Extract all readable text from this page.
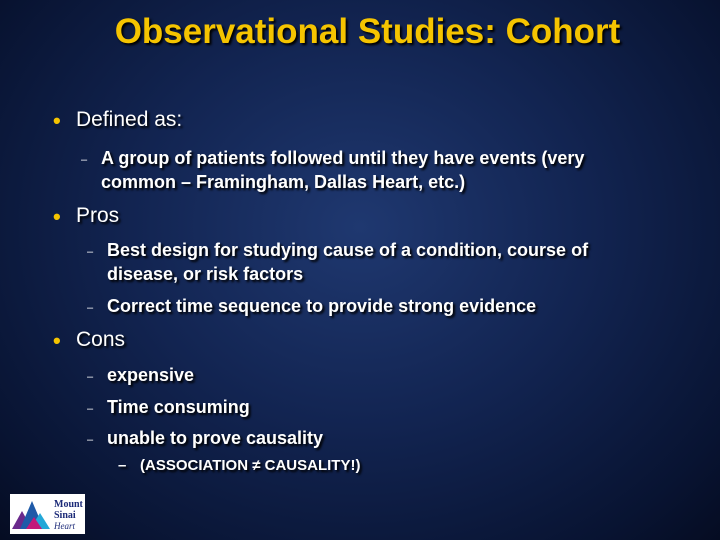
Observational Studies: Cohort
• Defined as:
– A group of patients followed until they have events (very
common – Framingham, Dallas Heart, etc.)
• Pros
– Best design for studying cause of a condition, course of
disease, or risk factors
– Correct time sequence to provide strong evidence
• Cons
– expensive
– Time consuming
– unable to prove causality
– (ASSOCIATION ≠ CAUSALITY!)
Mount
Sinai
Heart
